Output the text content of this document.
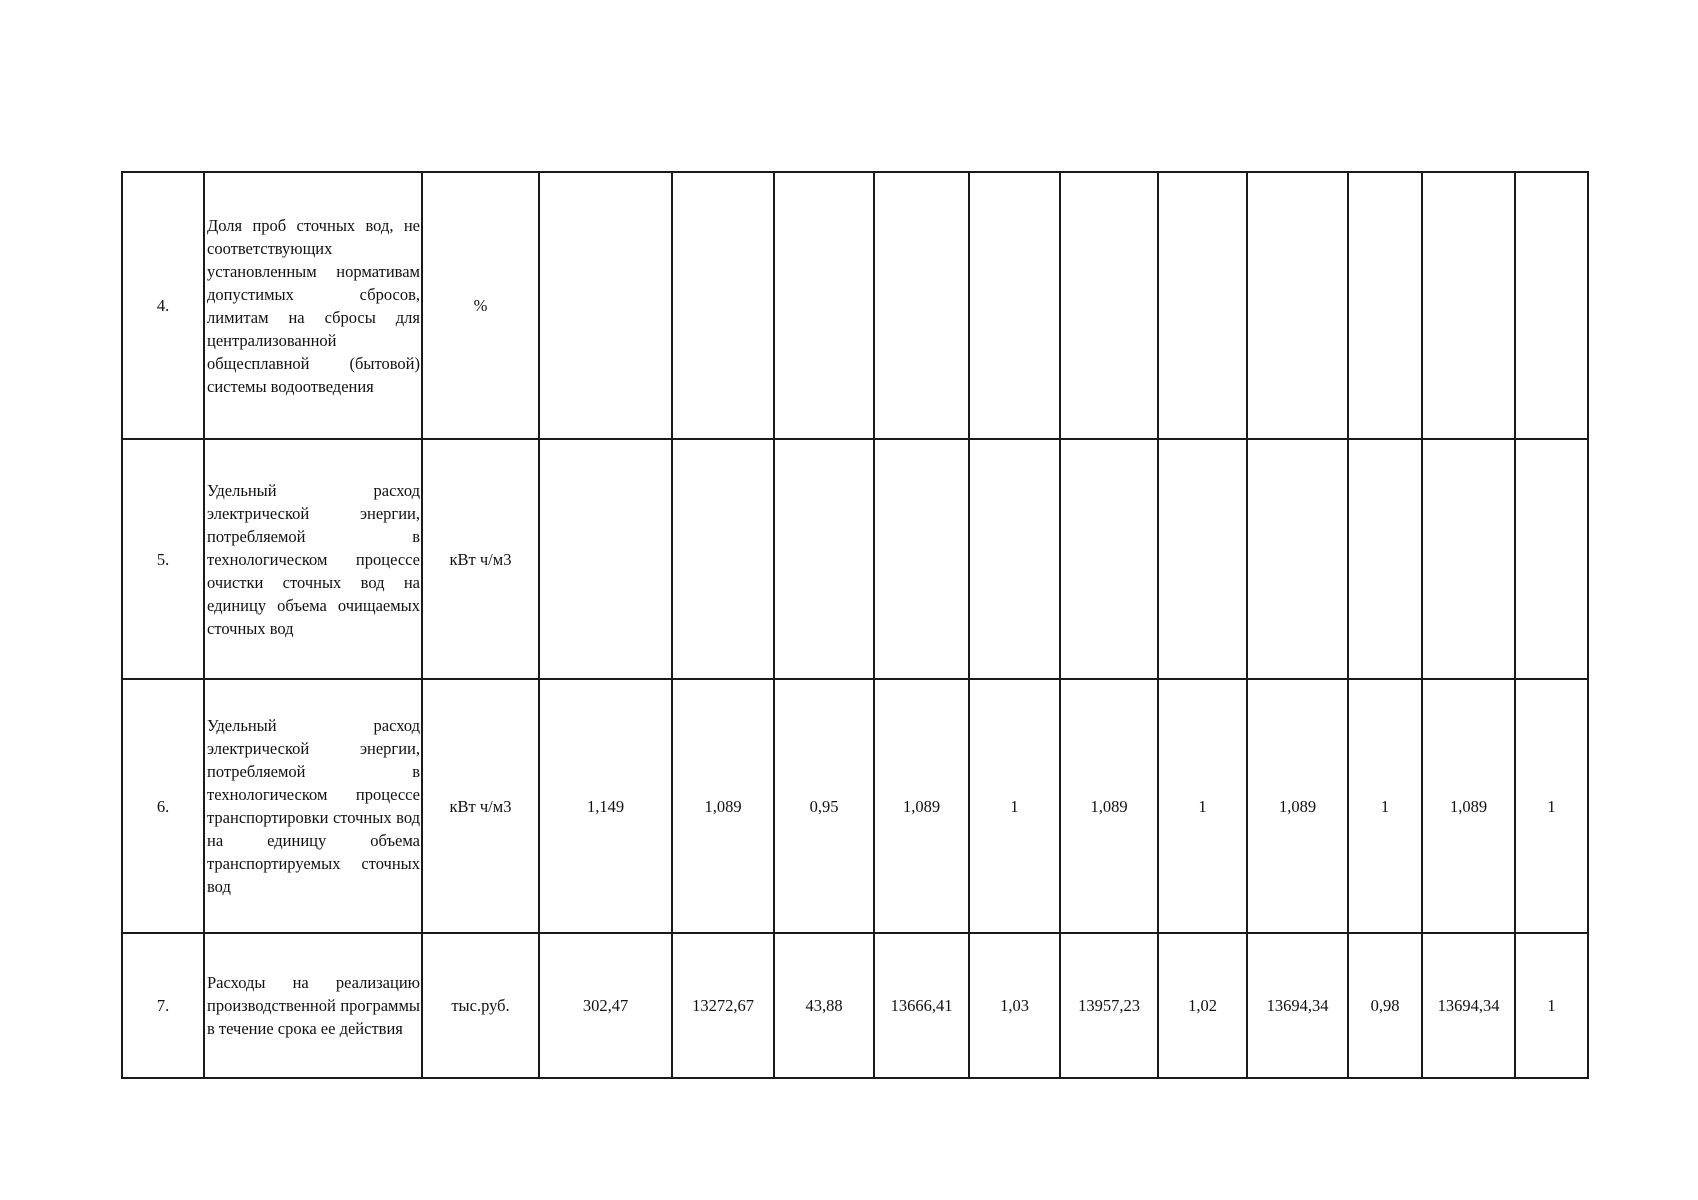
4.	Доля проб сточных вод, не соответствующих установленным нормативам допустимых сбросов, лимитам на сбросы для централизованной общесплавной (бытовой) системы водоотведения	%											
5.	Удельный расход электрической энергии, потребляемой в технологическом процессе очистки сточных вод на единицу объема очищаемых сточных вод	кВт ч/м3											
6.	Удельный расход электрической энергии, потребляемой в технологическом процессе транспортировки сточных вод на единицу объема транспортируемых сточных вод	кВт ч/м3	1,149	1,089	0,95	1,089	1	1,089	1	1,089	1	1,089	1
7.	Расходы на реализацию производственной программы в течение срока ее действия	тыс.руб.	302,47	13272,67	43,88	13666,41	1,03	13957,23	1,02	13694,34	0,98	13694,34	1
